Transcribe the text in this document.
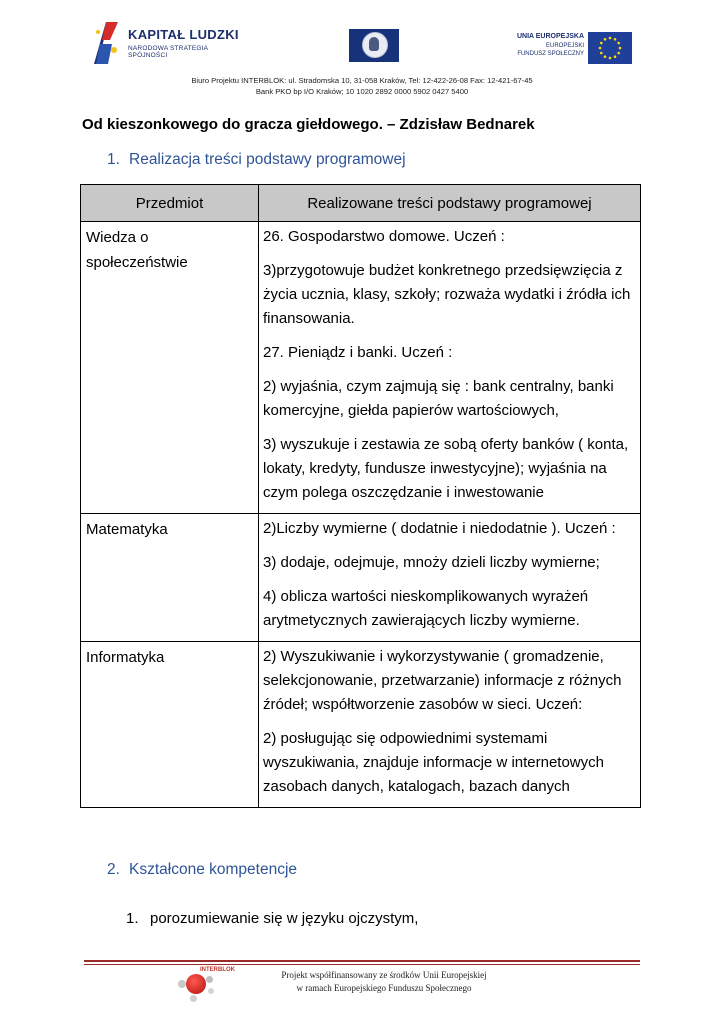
KAPITAŁ LUDZKI
NARODOWA STRATEGIA SPÓJNOŚCI
UNIA EUROPEJSKA
EUROPEJSKI
FUNDUSZ SPOŁECZNY
Biuro Projektu INTERBLOK: ul. Stradomska 10, 31-058 Kraków, Tel: 12-422-26-08 Fax: 12-421-67-45
Bank PKO bp I/O Kraków; 10 1020 2892 0000 5902 0427 5400
Od kieszonkowego do gracza giełdowego. – Zdzisław Bednarek
1. Realizacja treści podstawy programowej
Przedmiot	Realizowane treści podstawy programowej
Wiedza o społeczeństwie	26. Gospodarstwo domowe. Uczeń :

3)przygotowuje budżet konkretnego przedsięwzięcia z życia ucznia, klasy, szkoły; rozważa wydatki i źródła ich finansowania.

27. Pieniądz i banki. Uczeń :

2) wyjaśnia, czym zajmują się : bank centralny, banki komercyjne, giełda papierów wartościowych,

3) wyszukuje i zestawia ze sobą oferty banków ( konta, lokaty, kredyty, fundusze inwestycyjne); wyjaśnia na czym polega oszczędzanie i inwestowanie

Matematyka	2)Liczby wymierne ( dodatnie i niedodatnie ). Uczeń :

3) dodaje, odejmuje, mnoży dzieli liczby wymierne;

4) oblicza wartości nieskomplikowanych wyrażeń arytmetycznych zawierających liczby wymierne.

Informatyka	2) Wyszukiwanie i wykorzystywanie ( gromadzenie, selekcjonowanie, przetwarzanie) informacje z różnych źródeł; współtworzenie zasobów w sieci. Uczeń:

2) posługując się odpowiednimi systemami wyszukiwania, znajduje informacje w internetowych zasobach danych, katalogach, bazach danych

2. Kształcone kompetencje
1. porozumiewanie się w języku ojczystym,
INTERBLOK	Projekt współfinansowany ze środków Unii Europejskiej
w ramach Europejskiego Funduszu Społecznego
